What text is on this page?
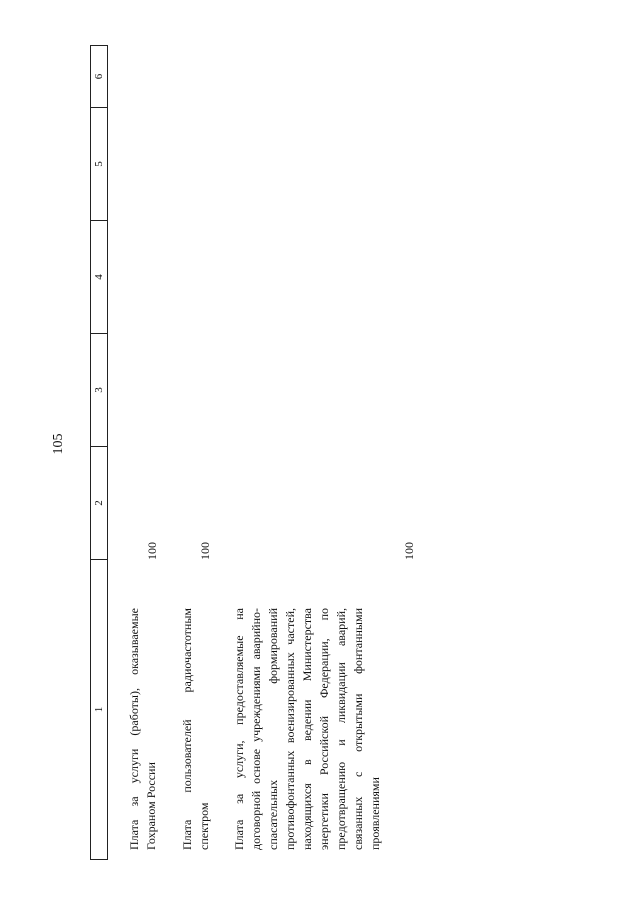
105
1
2
3
4
5
6
Плата за услуги (работы), оказываемые Гохраном России
100
Плата пользователей радиочастотным спектром
100
Плата за услуги, предоставляемые на договорной основе учреждениями аварийно-спасательных формирований противофонтанных военизированных частей, находящихся в ведении Министерства энергетики Российской Федерации, по предотвращению и ликвидации аварий, связанных с открытыми фонтанными проявлениями
100
